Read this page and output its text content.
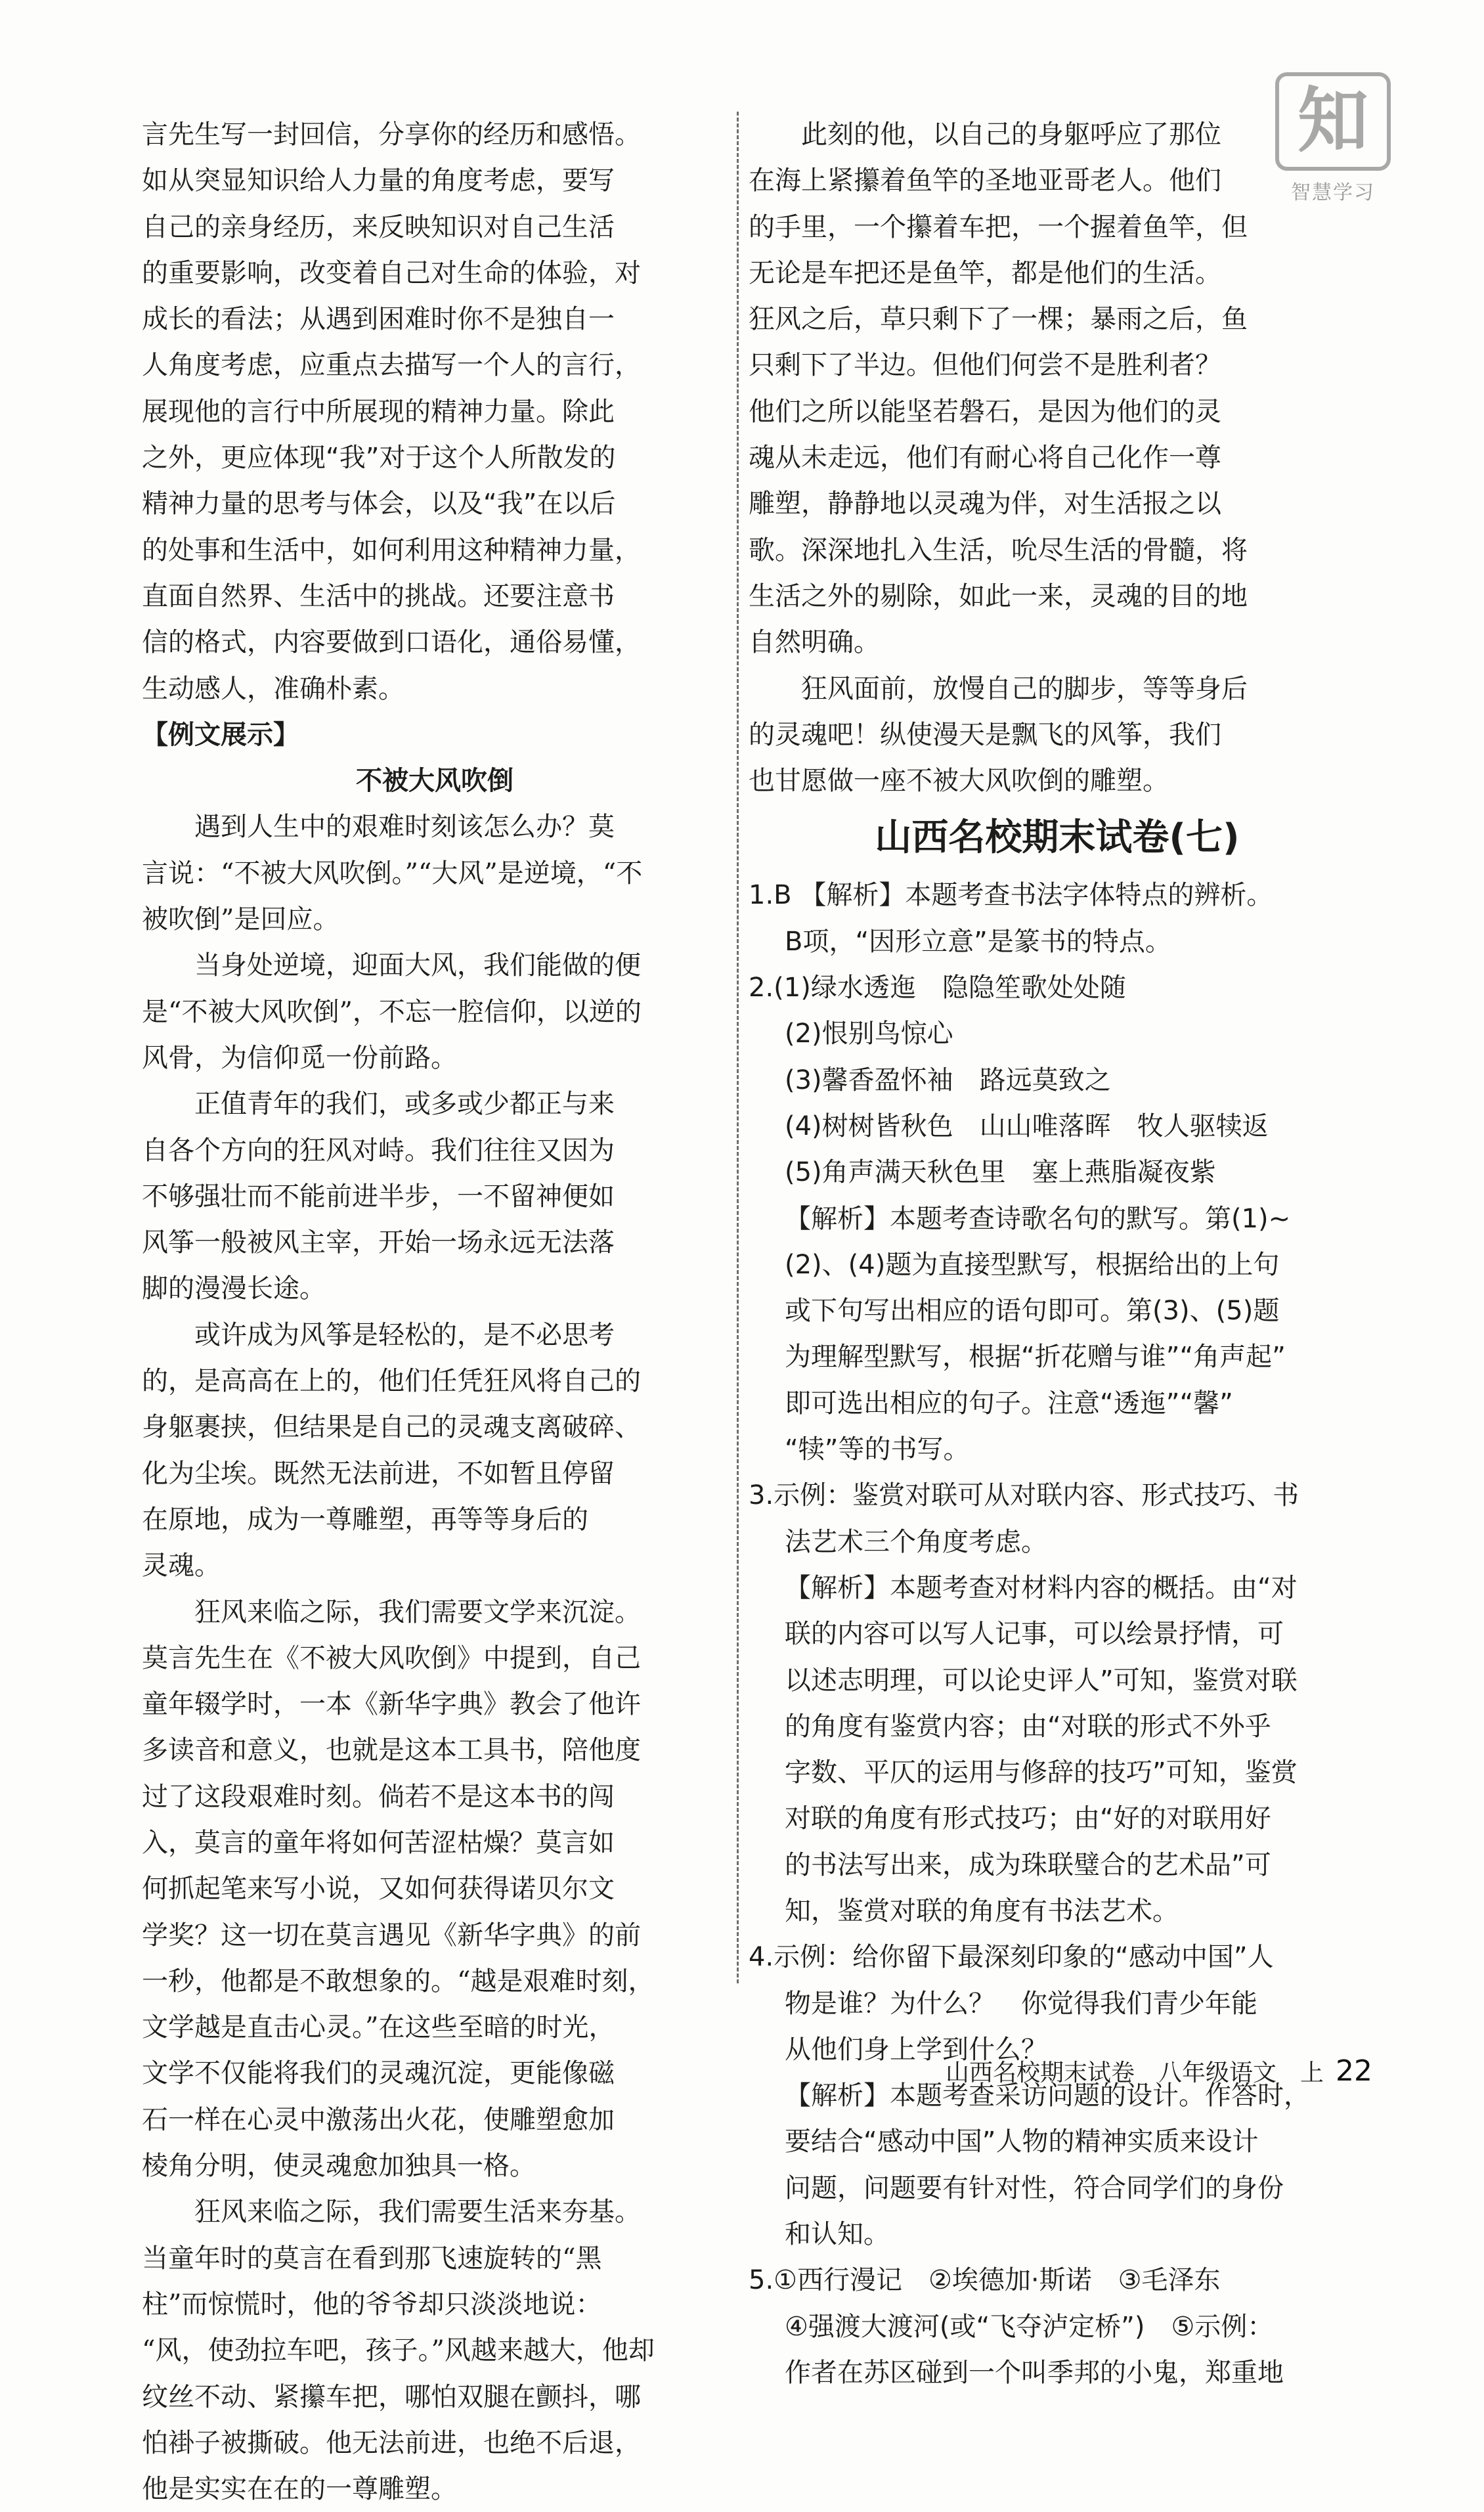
知
智慧学习
言先生写一封回信，分享你的经历和感悟。
如从突显知识给人力量的角度考虑，要写
自己的亲身经历，来反映知识对自己生活
的重要影响，改变着自己对生命的体验，对
成长的看法；从遇到困难时你不是独自一
人角度考虑，应重点去描写一个人的言行，
展现他的言行中所展现的精神力量。除此
之外，更应体现“我”对于这个人所散发的
精神力量的思考与体会，以及“我”在以后
的处事和生活中，如何利用这种精神力量，
直面自然界、生活中的挑战。还要注意书
信的格式，内容要做到口语化，通俗易懂，
生动感人，准确朴素。
【例文展示】
不被大风吹倒
遇到人生中的艰难时刻该怎么办？莫
言说：“不被大风吹倒。”“大风”是逆境，“不
被吹倒”是回应。
当身处逆境，迎面大风，我们能做的便
是“不被大风吹倒”，不忘一腔信仰，以逆的
风骨，为信仰觅一份前路。
正值青年的我们，或多或少都正与来
自各个方向的狂风对峙。我们往往又因为
不够强壮而不能前进半步，一不留神便如
风筝一般被风主宰，开始一场永远无法落
脚的漫漫长途。
或许成为风筝是轻松的，是不必思考
的，是高高在上的，他们任凭狂风将自己的
身躯裹挟，但结果是自己的灵魂支离破碎、
化为尘埃。既然无法前进，不如暂且停留
在原地，成为一尊雕塑，再等等身后的
灵魂。
狂风来临之际，我们需要文学来沉淀。
莫言先生在《不被大风吹倒》中提到，自己
童年辍学时，一本《新华字典》教会了他许
多读音和意义，也就是这本工具书，陪他度
过了这段艰难时刻。倘若不是这本书的闯
入，莫言的童年将如何苦涩枯燥？莫言如
何抓起笔来写小说，又如何获得诺贝尔文
学奖？这一切在莫言遇见《新华字典》的前
一秒，他都是不敢想象的。“越是艰难时刻，
文学越是直击心灵。”在这些至暗的时光，
文学不仅能将我们的灵魂沉淀，更能像磁
石一样在心灵中激荡出火花，使雕塑愈加
棱角分明，使灵魂愈加独具一格。
狂风来临之际，我们需要生活来夯基。
当童年时的莫言在看到那飞速旋转的“黑
柱”而惊慌时，他的爷爷却只淡淡地说：
“风，使劲拉车吧，孩子。”风越来越大，他却
纹丝不动、紧攥车把，哪怕双腿在颤抖，哪
怕褂子被撕破。他无法前进，也绝不后退，
他是实实在在的一尊雕塑。
此刻的他，以自己的身躯呼应了那位
在海上紧攥着鱼竿的圣地亚哥老人。他们
的手里，一个攥着车把，一个握着鱼竿，但
无论是车把还是鱼竿，都是他们的生活。
狂风之后，草只剩下了一棵；暴雨之后，鱼
只剩下了半边。但他们何尝不是胜利者？
他们之所以能坚若磐石，是因为他们的灵
魂从未走远，他们有耐心将自己化作一尊
雕塑，静静地以灵魂为伴，对生活报之以
歌。深深地扎入生活，吮尽生活的骨髓，将
生活之外的剔除，如此一来，灵魂的目的地
自然明确。
狂风面前，放慢自己的脚步，等等身后
的灵魂吧！纵使漫天是飘飞的风筝，我们
也甘愿做一座不被大风吹倒的雕塑。
山西名校期末试卷(七)
1.B 【解析】本题考查书法字体特点的辨析。
B项，“因形立意”是篆书的特点。
2.(1)绿水透迤　隐隐笙歌处处随
(2)恨别鸟惊心
(3)馨香盈怀袖　路远莫致之
(4)树树皆秋色　山山唯落晖　牧人驱犊返
(5)角声满天秋色里　塞上燕脂凝夜紫
【解析】本题考查诗歌名句的默写。第(1)~
(2)、(4)题为直接型默写，根据给出的上句
或下句写出相应的语句即可。第(3)、(5)题
为理解型默写，根据“折花赠与谁”“角声起”
即可选出相应的句子。注意“透迤”“馨”
“犊”等的书写。
3.示例：鉴赏对联可从对联内容、形式技巧、书
法艺术三个角度考虑。
【解析】本题考查对材料内容的概括。由“对
联的内容可以写人记事，可以绘景抒情，可
以述志明理，可以论史评人”可知，鉴赏对联
的角度有鉴赏内容；由“对联的形式不外乎
字数、平仄的运用与修辞的技巧”可知，鉴赏
对联的角度有形式技巧；由“好的对联用好
的书法写出来，成为珠联璧合的艺术品”可
知，鉴赏对联的角度有书法艺术。
4.示例：给你留下最深刻印象的“感动中国”人
物是谁？为什么？　你觉得我们青少年能
从他们身上学到什么？
【解析】本题考查采访问题的设计。作答时，
要结合“感动中国”人物的精神实质来设计
问题，问题要有针对性，符合同学们的身份
和认知。
5.①西行漫记　②埃德加·斯诺　③毛泽东
④强渡大渡河(或“飞夺泸定桥”)　⑤示例：
作者在苏区碰到一个叫季邦的小鬼，郑重地
山西名校期末试卷　八年级语文　上 22
